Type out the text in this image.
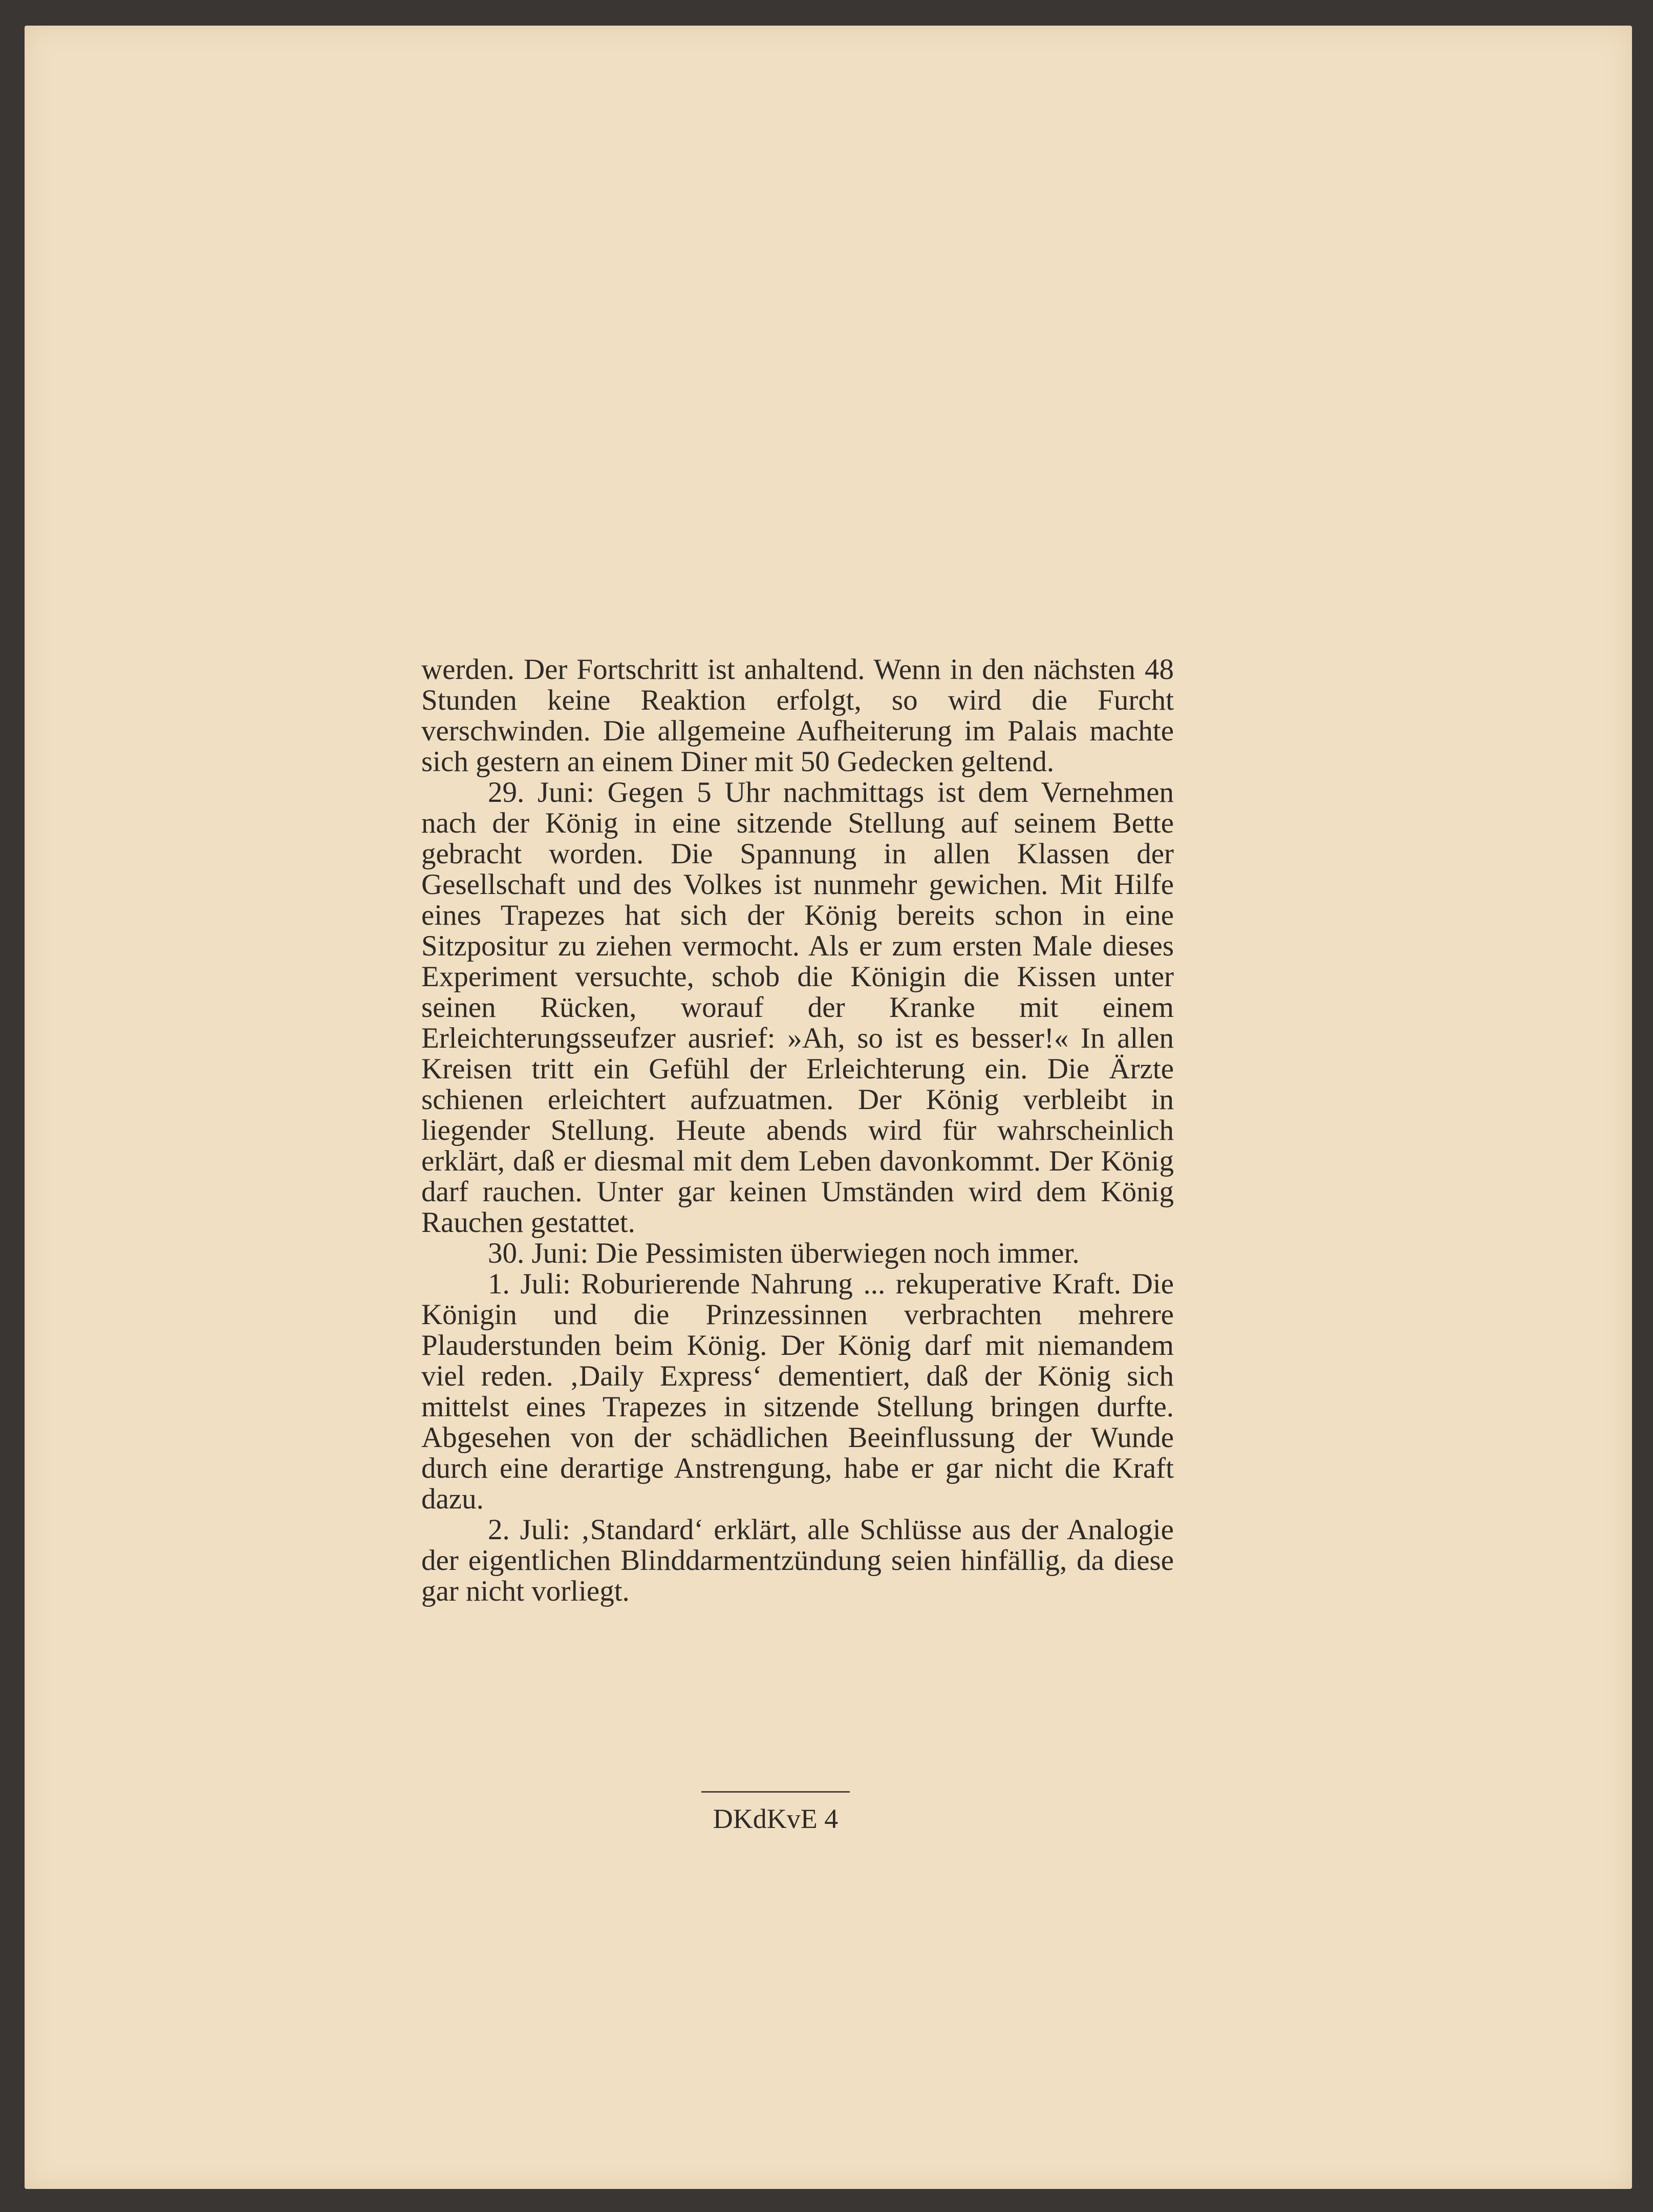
werden. Der Fortschritt ist anhaltend. Wenn in den nächsten 48 Stunden keine Reaktion erfolgt, so wird die Furcht verschwinden. Die allgemeine Aufheiterung im Palais machte sich gestern an einem Diner mit 50 Gedecken geltend.

29. Juni: Gegen 5 Uhr nachmittags ist dem Vernehmen nach der König in eine sitzende Stellung auf seinem Bette gebracht worden. Die Spannung in allen Klassen der Gesellschaft und des Volkes ist nunmehr gewichen. Mit Hilfe eines Trapezes hat sich der König bereits schon in eine Sitzpositur zu ziehen vermocht. Als er zum ersten Male dieses Experiment versuchte, schob die Königin die Kissen unter seinen Rücken, worauf der Kranke mit einem Erleichterungsseufzer ausrief: »Ah, so ist es besser!« In allen Kreisen tritt ein Gefühl der Erleichterung ein. Die Ärzte schienen erleichtert aufzuatmen. Der König verbleibt in liegender Stellung. Heute abends wird für wahrscheinlich erklärt, daß er diesmal mit dem Leben davonkommt. Der König darf rauchen. Unter gar keinen Umständen wird dem König Rauchen gestattet.

30. Juni: Die Pessimisten überwiegen noch immer.

1. Juli: Roburierende Nahrung ... rekuperative Kraft. Die Königin und die Prinzessinnen verbrachten mehrere Plauderstunden beim König. Der König darf mit niemandem viel reden. ‚Daily Express‘ dementiert, daß der König sich mittelst eines Trapezes in sitzende Stellung bringen durfte. Abgesehen von der schädlichen Beeinflussung der Wunde durch eine derartige Anstrengung, habe er gar nicht die Kraft dazu.

2. Juli: ‚Standard‘ erklärt, alle Schlüsse aus der Analogie der eigentlichen Blinddarmentzündung seien hinfällig, da diese gar nicht vorliegt.

DKdKvE 4
